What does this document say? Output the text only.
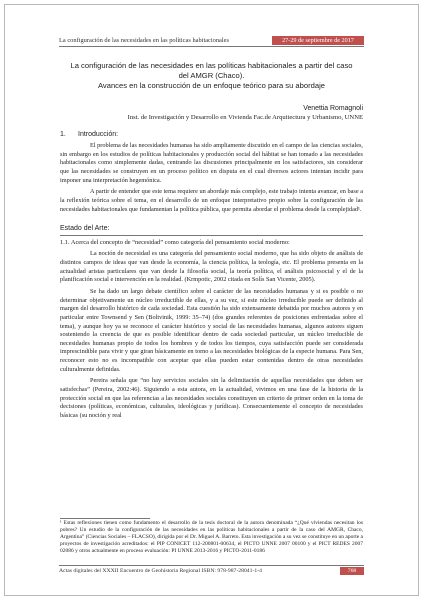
La configuración de las necesidades en las políticas habitacionales	27-29 de septiembre de 2017
La configuración de las necesidades en las políticas habitacionales a partir del caso
del AMGR (Chaco).
Avances en la construcción de un enfoque teórico para su abordaje
Venettia Romagnoli
Inst. de Investigación y Desarrollo en Vivienda Fac.de Arquitectura y Urbanismo, UNNE
1. Introducción:

El problema de las necesidades humanas ha sido ampliamente discutido en el campo de las ciencias sociales, sin embargo en los estudios de políticas habitacionales y producción social del hábitat se han tomado a las necesidades habitacionales como simplemente dadas, centrando las discusiones principalmente en los satisfactores, sin considerar que las necesidades se construyen en un proceso político en disputa en el cual diversos actores intentan incidir para imponer una interpretación hegemónica.

A partir de entender que este tema requiere un abordaje más complejo, este trabajo intenta avanzar, en base a la reflexión teórica sobre el tema, en el desarrollo de un enfoque interpretativo propio sobre la configuración de las necesidades habitacionales que fundamentan la política pública, que permita abordar el problema desde la complejidad¹.

Estado del Arte:
1.1. Acerca del concepto de “necesidad” como categoría del pensamiento social moderno:

La noción de necesidad es una categoría del pensamiento social moderno, que ha sido objeto de análisis de distintos campos de ideas que van desde la economía, la ciencia política, la teología, etc. El problema presenta en la actualidad aristas particulares que van desde la filosofía social, la teoría política, el análisis psicosocial y el de la planificación social e intervención en la realidad. (Krmpotic, 2002 citada en Solís San Vicente, 2005).

Se ha dado un largo debate científico sobre el carácter de las necesidades humanas y si es posible o no determinar objetivamente un núcleo irreductible de ellas, y a su vez, si este núcleo irreducible puede ser definido al margen del desarrollo histórico de cada sociedad. Esta cuestión ha sido extensamente debatida por muchos autores y en particular entre Townsend y Sen (Boltvinik, 1999: 35–74) (dos grandes referentes de posiciones enfrentadas sobre el tema), y aunque hoy ya se reconoce el carácter histórico y social de las necesidades humanas, algunos autores siguen sosteniendo la creencia de que es posible identificar dentro de cada sociedad particular, un núcleo irreducible de necesidades humanas propio de todos los hombres y de todos los tiempos, cuya satisfacción puede ser considerada imprescindible para vivir y que giran básicamente en torno a las necesidades biológicas de la especie humana. Para Sen, reconocer esto no es incompatible con aceptar que ellas pueden estar contenidas dentro de otras necesidades culturalmente definidas.

Pereira señala que “no hay servicios sociales sin la delimitación de aquellas necesidades que deben ser satisfechas” (Pereira, 2002:46). Siguiendo a esta autora, en la actualidad, vivimos en una fase de la historia de la protección social en que las referencias a las necesidades sociales constituyen un criterio de primer orden en la toma de decisiones (políticas, económicas, culturales, ideológicas y jurídicas). Consecuentemente el concepto de necesidades básicas (su noción y real

¹ Estas reflexiones tienen como fundamento el desarrollo de la tesis doctoral de la autora denominada “¿Qué viviendas necesitan los pobres? Un estudio de la configuración de las necesidades en las políticas habitacionales a partir de la caso del AMGR, Chaco, Argentina” (Ciencias Sociales – FLACSO), dirigida por el Dr. Miguel A. Barreto. Esta investigación a su vez se constituye en un aporte a proyectos de investigación acreditados: el PIP CONICET 112-200801-00634, el PICTO UNNE 2007 00100 y el PICT REDES 2007 02086 y otros actualmente en proceso evaluación: PI UNNE 2013-2016 y PICTO-2011-0186
Actas digitales del XXXII Encuentro de Geohistoria Regional ISBN: 978-987-28041-1-4	768
